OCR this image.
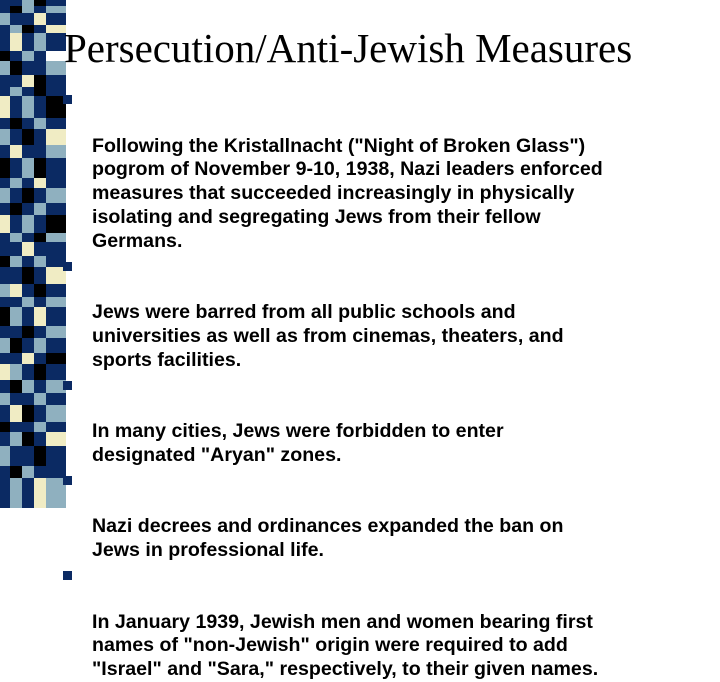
Persecution/Anti-Jewish Measures

Following the Kristallnacht ("Night of Broken Glass")
pogrom of November 9-10, 1938, Nazi leaders enforced
measures that succeeded increasingly in physically
isolating and segregating Jews from their fellow
Germans.

Jews were barred from all public schools and
universities as well as from cinemas, theaters, and
sports facilities.

In many cities, Jews were forbidden to enter
designated "Aryan" zones.

Nazi decrees and ordinances expanded the ban on
Jews in professional life.

In January 1939, Jewish men and women bearing first
names of "non-Jewish" origin were required to add
"Israel" and "Sara," respectively, to their given names.
